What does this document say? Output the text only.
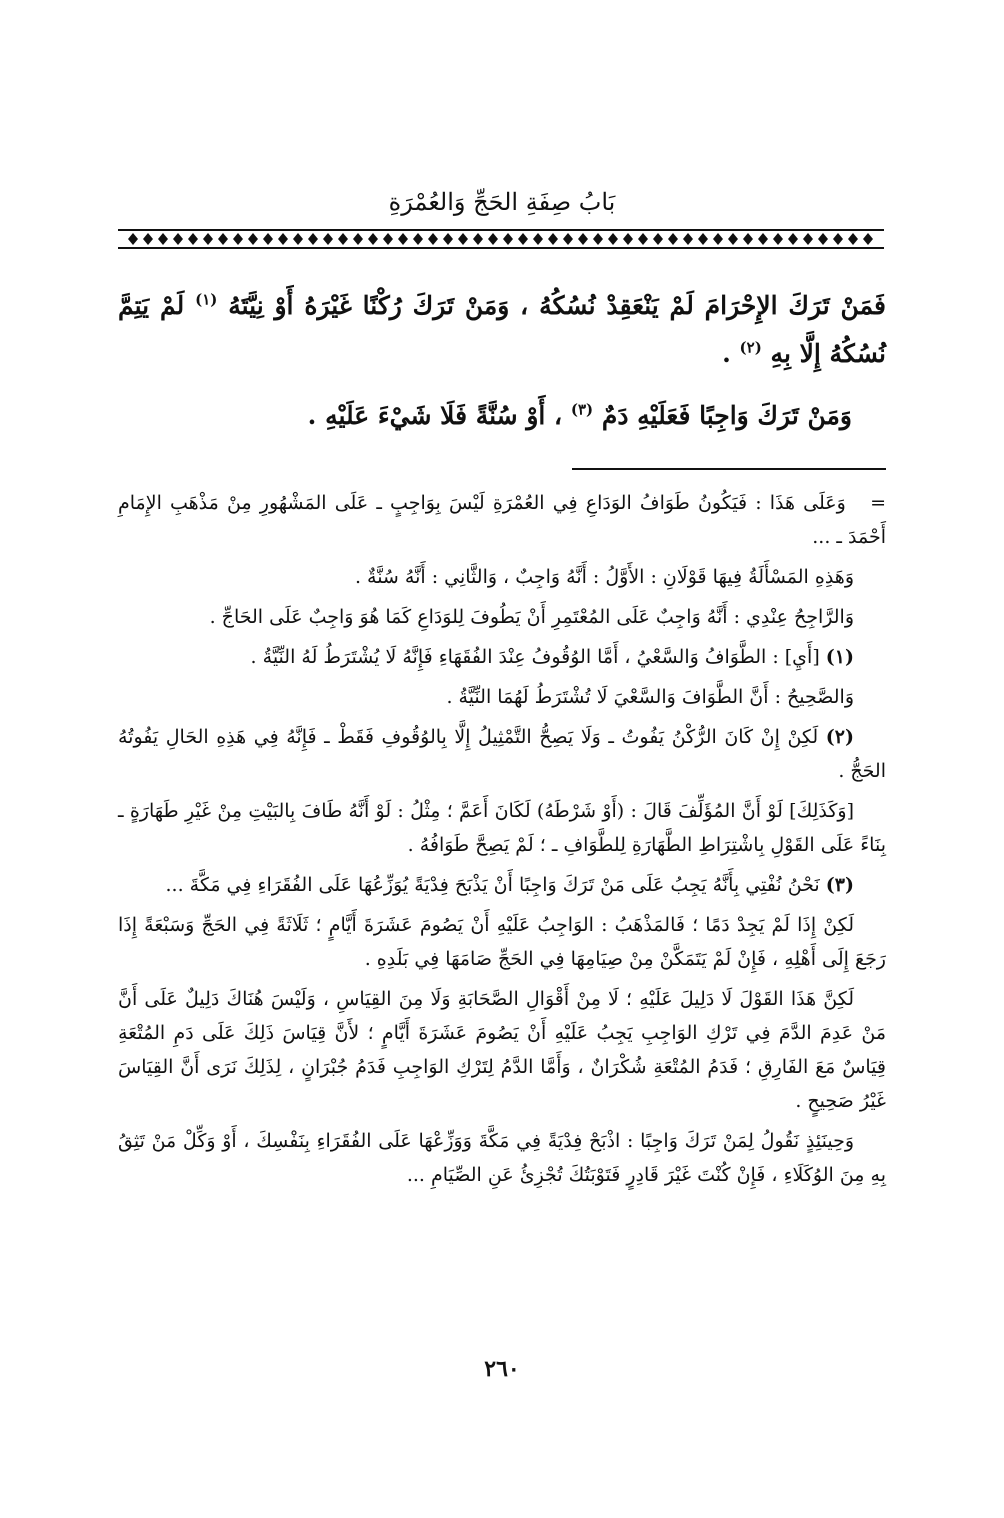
بَابُ صِفَةِ الحَجِّ وَالعُمْرَةِ

فَمَنْ تَرَكَ الإِحْرَامَ لَمْ يَنْعَقِدْ نُسُكُهُ ، وَمَنْ تَرَكَ رُكْنًا غَيْرَهُ أَوْ نِيَّتَهُ $^{(١)}$ لَمْ يَتِمَّ نُسُكُهُ إِلَّا بِهِ $^{(٢)}$ .

وَمَنْ تَرَكَ وَاجِبًا فَعَلَيْهِ دَمٌ $^{(٣)}$ ، أَوْ سُنَّةً فَلَا شَيْءَ عَلَيْهِ .

= وَعَلَى هَذَا : فَيَكُونُ طَوَافُ الوَدَاعِ فِي العُمْرَةِ لَيْسَ بِوَاجِبٍ ـ عَلَى المَشْهُورِ مِنْ مَذْهَبِ الإِمَامِ أَحْمَدَ ـ ...

وَهَذِهِ المَسْأَلَةُ فِيهَا قَوْلَانِ : الأَوَّلُ : أَنَّهُ وَاجِبٌ ، وَالثَّانِي : أَنَّهُ سُنَّةٌ .

وَالرَّاجِحُ عِنْدِي : أَنَّهُ وَاجِبٌ عَلَى المُعْتَمِرِ أَنْ يَطُوفَ لِلوَدَاعِ كَمَا هُوَ وَاجِبٌ عَلَى الحَاجِّ .

(١) [أَيِ] : الطَّوَافُ وَالسَّعْيُ ، أَمَّا الوُقُوفُ عِنْدَ الفُقَهَاءِ فَإِنَّهُ لَا يُشْتَرَطُ لَهُ النِّيَّةُ .

وَالصَّحِيحُ : أَنَّ الطَّوَافَ وَالسَّعْيَ لَا تُشْتَرَطُ لَهُمَا النِّيَّةُ .

(٢) لَكِنْ إِنْ كَانَ الرُّكْنُ يَفُوتُ ـ وَلَا يَصِحُّ التَّمْثِيلُ إِلَّا بِالوُقُوفِ فَقَطْ ـ فَإِنَّهُ فِي هَذِهِ الحَالِ يَفُوتُهُ الحَجُّ .

[وَكَذَلِكَ] لَوْ أَنَّ المُؤَلِّفَ قَالَ : (أَوْ شَرْطَهُ) لَكَانَ أَعَمَّ ؛ مِثْلُ : لَوْ أَنَّهُ طَافَ بِالبَيْتِ مِنْ غَيْرِ طَهَارَةٍ ـ بِنَاءً عَلَى القَوْلِ بِاشْتِرَاطِ الطَّهَارَةِ لِلطَّوَافِ ـ ؛ لَمْ يَصِحَّ طَوَافُهُ .

(٣) نَحْنُ نُفْتِي بِأَنَّهُ يَجِبُ عَلَى مَنْ تَرَكَ وَاجِبًا أَنْ يَذْبَحَ فِدْيَةً يُوَزِّعُهَا عَلَى الفُقَرَاءِ فِي مَكَّةَ ...

لَكِنْ إِذَا لَمْ يَجِدْ دَمًا ؛ فَالمَذْهَبُ : الوَاجِبُ عَلَيْهِ أَنْ يَصُومَ عَشَرَةَ أَيَّامٍ ؛ ثَلَاثَةً فِي الحَجِّ وَسَبْعَةً إِذَا رَجَعَ إِلَى أَهْلِهِ ، فَإِنْ لَمْ يَتَمَكَّنْ مِنْ صِيَامِهَا فِي الحَجِّ صَامَهَا فِي بَلَدِهِ .

لَكِنَّ هَذَا القَوْلَ لَا دَلِيلَ عَلَيْهِ ؛ لَا مِنْ أَقْوَالِ الصَّحَابَةِ وَلَا مِنَ القِيَاسِ ، وَلَيْسَ هُنَاكَ دَلِيلٌ عَلَى أَنَّ مَنْ عَدِمَ الدَّمَ فِي تَرْكِ الوَاجِبِ يَجِبُ عَلَيْهِ أَنْ يَصُومَ عَشَرَةَ أَيَّامٍ ؛ لأَنَّ قِيَاسَ ذَلِكَ عَلَى دَمِ المُتْعَةِ قِيَاسٌ مَعَ الفَارِقِ ؛ فَدَمُ المُتْعَةِ شُكْرَانٌ ، وَأَمَّا الدَّمُ لِتَرْكِ الوَاجِبِ فَدَمُ جُبْرَانٍ ، لِذَلِكَ نَرَى أَنَّ القِيَاسَ غَيْرُ صَحِيحٍ .

وَحِينَئِذٍ نَقُولُ لِمَنْ تَرَكَ وَاجِبًا : اذْبَحْ فِدْيَةً فِي مَكَّةَ وَوَزِّعْهَا عَلَى الفُقَرَاءِ بِنَفْسِكَ ، أَوْ وَكِّلْ مَنْ تَثِقُ بِهِ مِنَ الوُكَلَاءِ ، فَإِنْ كُنْتَ غَيْرَ قَادِرٍ فَتَوْبَتُكَ تُجْزِئُ عَنِ الصِّيَامِ ...

٢٦٠
